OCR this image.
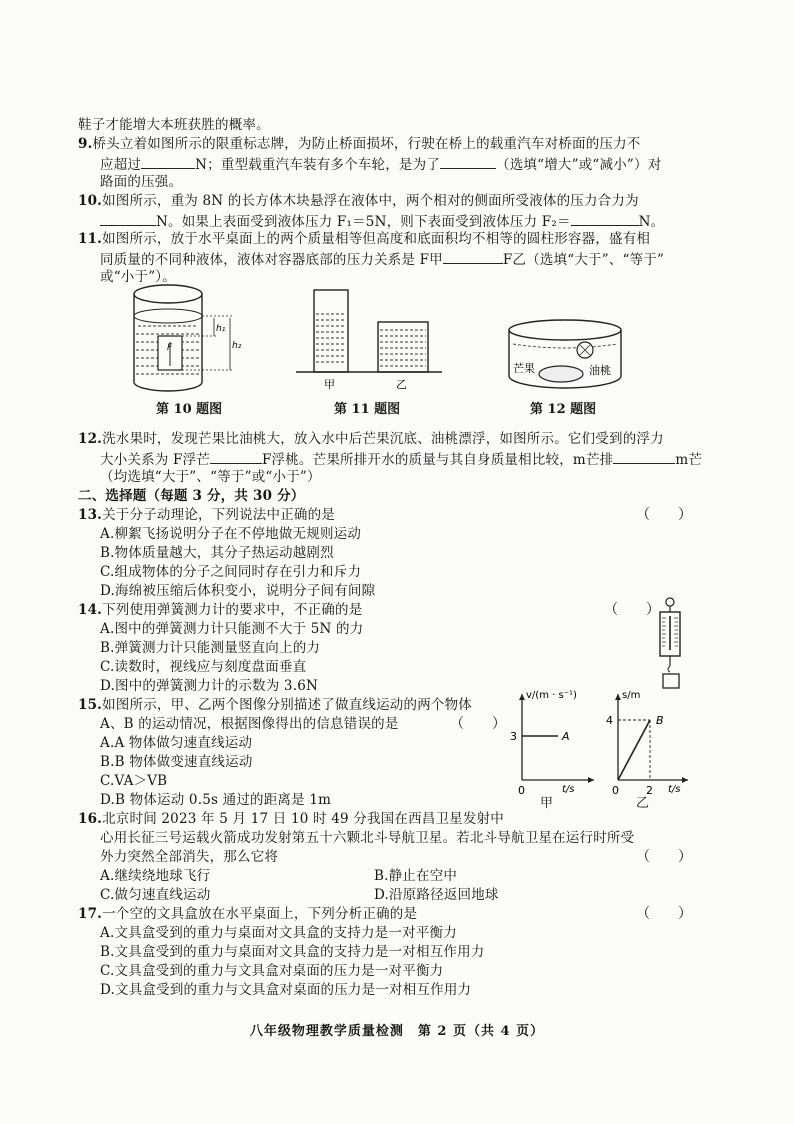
鞋子才能增大本班获胜的概率。
9.桥头立着如图所示的限重标志牌，为防止桥面损坏，行驶在桥上的载重汽车对桥面的压力不
应超过	N；重型载重汽车装有多个车轮，是为了	（选填“增大”或“减小”）对
路面的压强。
10.如图所示，重为 8N 的长方体木块悬浮在液体中，两个相对的侧面所受液体的压力合力为
N。如果上表面受到液体压力 F₁＝5N，则下表面受到液体压力 F₂＝	N。
11.如图所示，放于水平桌面上的两个质量相等但高度和底面积均不相等的圆柱形容器，盛有相
同质量的不同种液体，液体对容器底部的压力关系是 F甲	F乙（选填“大于”、“等于”
或“小于”）。
F
h₁
h₂
第 10 题图
甲	乙
第 11 题图
芒果	油桃
第 12 题图
12.洗水果时，发现芒果比油桃大，放入水中后芒果沉底、油桃漂浮，如图所示。它们受到的浮力
大小关系为 F浮芒	F浮桃。芒果所排开水的质量与其自身质量相比较，m芒排	m芒
（均选填“大于”、“等于”或“小于”）
二、选择题（每题 3 分，共 30 分）
13.关于分子动理论，下列说法中正确的是	（　　）
A.柳絮飞扬说明分子在不停地做无规则运动
B.物体质量越大，其分子热运动越剧烈
C.组成物体的分子之间同时存在引力和斥力
D.海绵被压缩后体积变小，说明分子间有间隙
14.下列使用弹簧测力计的要求中，不正确的是	（　　）
A.图中的弹簧测力计只能测不大于 5N 的力
B.弹簧测力计只能测量竖直向上的力
C.读数时，视线应与刻度盘面垂直
D.图中的弹簧测力计的示数为 3.6N
15.如图所示，甲、乙两个图像分别描述了做直线运动的两个物体
A、B 的运动情况，根据图像得出的信息错误的是	（　　）
A.A 物体做匀速直线运动
B.B 物体做变速直线运动
C.VA＞VB
D.B 物体运动 0.5s 通过的距离是 1m
3	A
0
v/(m · s⁻¹)
t/s
甲
4	B
0 2
s/m
t/s
乙
16.北京时间 2023 年 5 月 17 日 10 时 49 分我国在西昌卫星发射中
心用长征三号运载火箭成功发射第五十六颗北斗导航卫星。若北斗导航卫星在运行时所受
外力突然全部消失，那么它将	（　　）
A.继续绕地球飞行	B.静止在空中
C.做匀速直线运动	D.沿原路径返回地球
17.一个空的文具盒放在水平桌面上，下列分析正确的是	（　　）
A.文具盒受到的重力与桌面对文具盒的支持力是一对平衡力
B.文具盒受到的重力与桌面对文具盒的支持力是一对相互作用力
C.文具盒受到的重力与文具盒对桌面的压力是一对平衡力
D.文具盒受到的重力与文具盒对桌面的压力是一对相互作用力
八年级物理教学质量检测　第 2 页（共 4 页）
